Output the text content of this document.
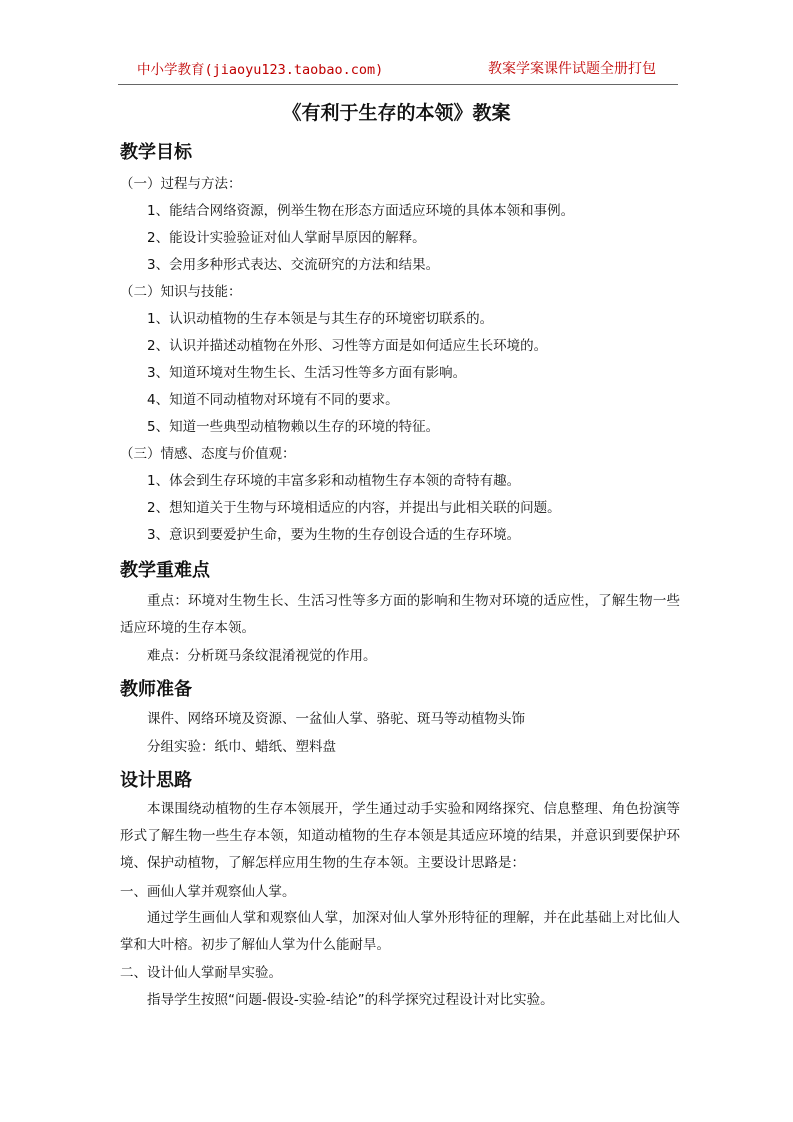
中小学教育(jiaoyu123.taobao.com)	教案学案课件试题全册打包
《有利于生存的本领》教案
教学目标
（一）过程与方法：
1、能结合网络资源，例举生物在形态方面适应环境的具体本领和事例。
2、能设计实验验证对仙人掌耐旱原因的解释。
3、会用多种形式表达、交流研究的方法和结果。
（二）知识与技能：
1、认识动植物的生存本领是与其生存的环境密切联系的。
2、认识并描述动植物在外形、习性等方面是如何适应生长环境的。
3、知道环境对生物生长、生活习性等多方面有影响。
4、知道不同动植物对环境有不同的要求。
5、知道一些典型动植物赖以生存的环境的特征。
（三）情感、态度与价值观：
1、体会到生存环境的丰富多彩和动植物生存本领的奇特有趣。
2、想知道关于生物与环境相适应的内容，并提出与此相关联的问题。
3、意识到要爱护生命，要为生物的生存创设合适的生存环境。
教学重难点
重点：环境对生物生长、生活习性等多方面的影响和生物对环境的适应性，了解生物一些适应环境的生存本领。
难点：分析斑马条纹混淆视觉的作用。
教师准备
课件、网络环境及资源、一盆仙人掌、骆驼、斑马等动植物头饰
分组实验：纸巾、蜡纸、塑料盘
设计思路
本课围绕动植物的生存本领展开，学生通过动手实验和网络探究、信息整理、角色扮演等形式了解生物一些生存本领，知道动植物的生存本领是其适应环境的结果，并意识到要保护环境、保护动植物，了解怎样应用生物的生存本领。主要设计思路是：
一、画仙人掌并观察仙人掌。
通过学生画仙人掌和观察仙人掌，加深对仙人掌外形特征的理解，并在此基础上对比仙人掌和大叶榕。初步了解仙人掌为什么能耐旱。
二、设计仙人掌耐旱实验。
指导学生按照“问题-假设-实验-结论”的科学探究过程设计对比实验。
